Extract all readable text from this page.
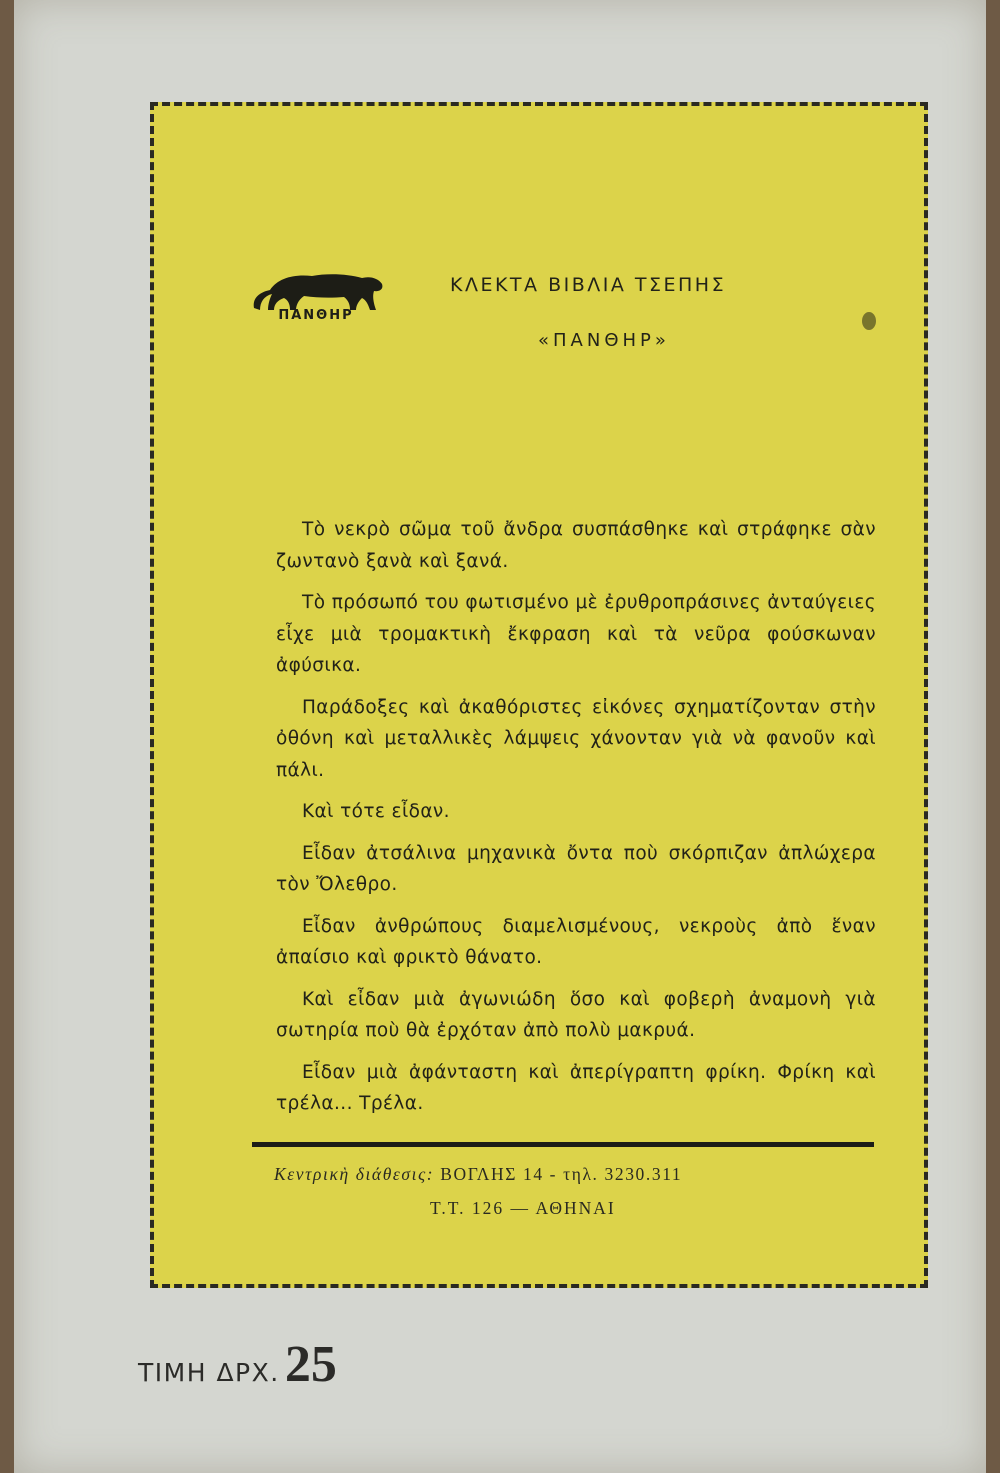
ΠΑΝΘΗΡ
ΚΛΕΚΤΑ ΒΙΒΛΙΑ ΤΣΕΠΗΣ
«ΠΑΝΘΗΡ»

Τὸ νεκρὸ σῶμα τοῦ ἄνδρα συσπάσθηκε καὶ στράφηκε σὰν ζωντανὸ ξανὰ καὶ ξανά.

Τὸ πρόσωπό του φωτισμένο μὲ ἐρυθροπράσινες ἀνταύγειες εἶχε μιὰ τρομακτικὴ ἔκφραση καὶ τὰ νεῦρα φούσκωναν ἀφύσικα.

Παράδοξες καὶ ἀκαθόριστες εἰκόνες σχηματίζονταν στὴν ὀθόνη καὶ μεταλλικὲς λάμψεις χάνονταν γιὰ νὰ φανοῦν καὶ πάλι.

Καὶ τότε εἶδαν.

Εἶδαν ἀτσάλινα μηχανικὰ ὄντα ποὺ σκόρπιζαν ἀπλώχερα τὸν Ὄλεθρο.

Εἶδαν ἀνθρώπους διαμελισμένους, νεκροὺς ἀπὸ ἕναν ἀπαίσιο καὶ φρικτὸ θάνατο.

Καὶ εἶδαν μιὰ ἀγωνιώδη ὅσο καὶ φοβερὴ ἀναμονὴ γιὰ σωτηρία ποὺ θὰ ἐρχόταν ἀπὸ πολὺ μακρυά.

Εἶδαν μιὰ ἀφάνταστη καὶ ἀπερίγραπτη φρίκη. Φρίκη καὶ τρέλα... Τρέλα.

Κεντρικὴ διάθεσις: ΒΟΓΛΗΣ 14 - τηλ. 3230.311
Τ.Τ. 126 — ΑΘΗΝΑΙ
ΤΙΜΗ ΔΡΧ. 25
